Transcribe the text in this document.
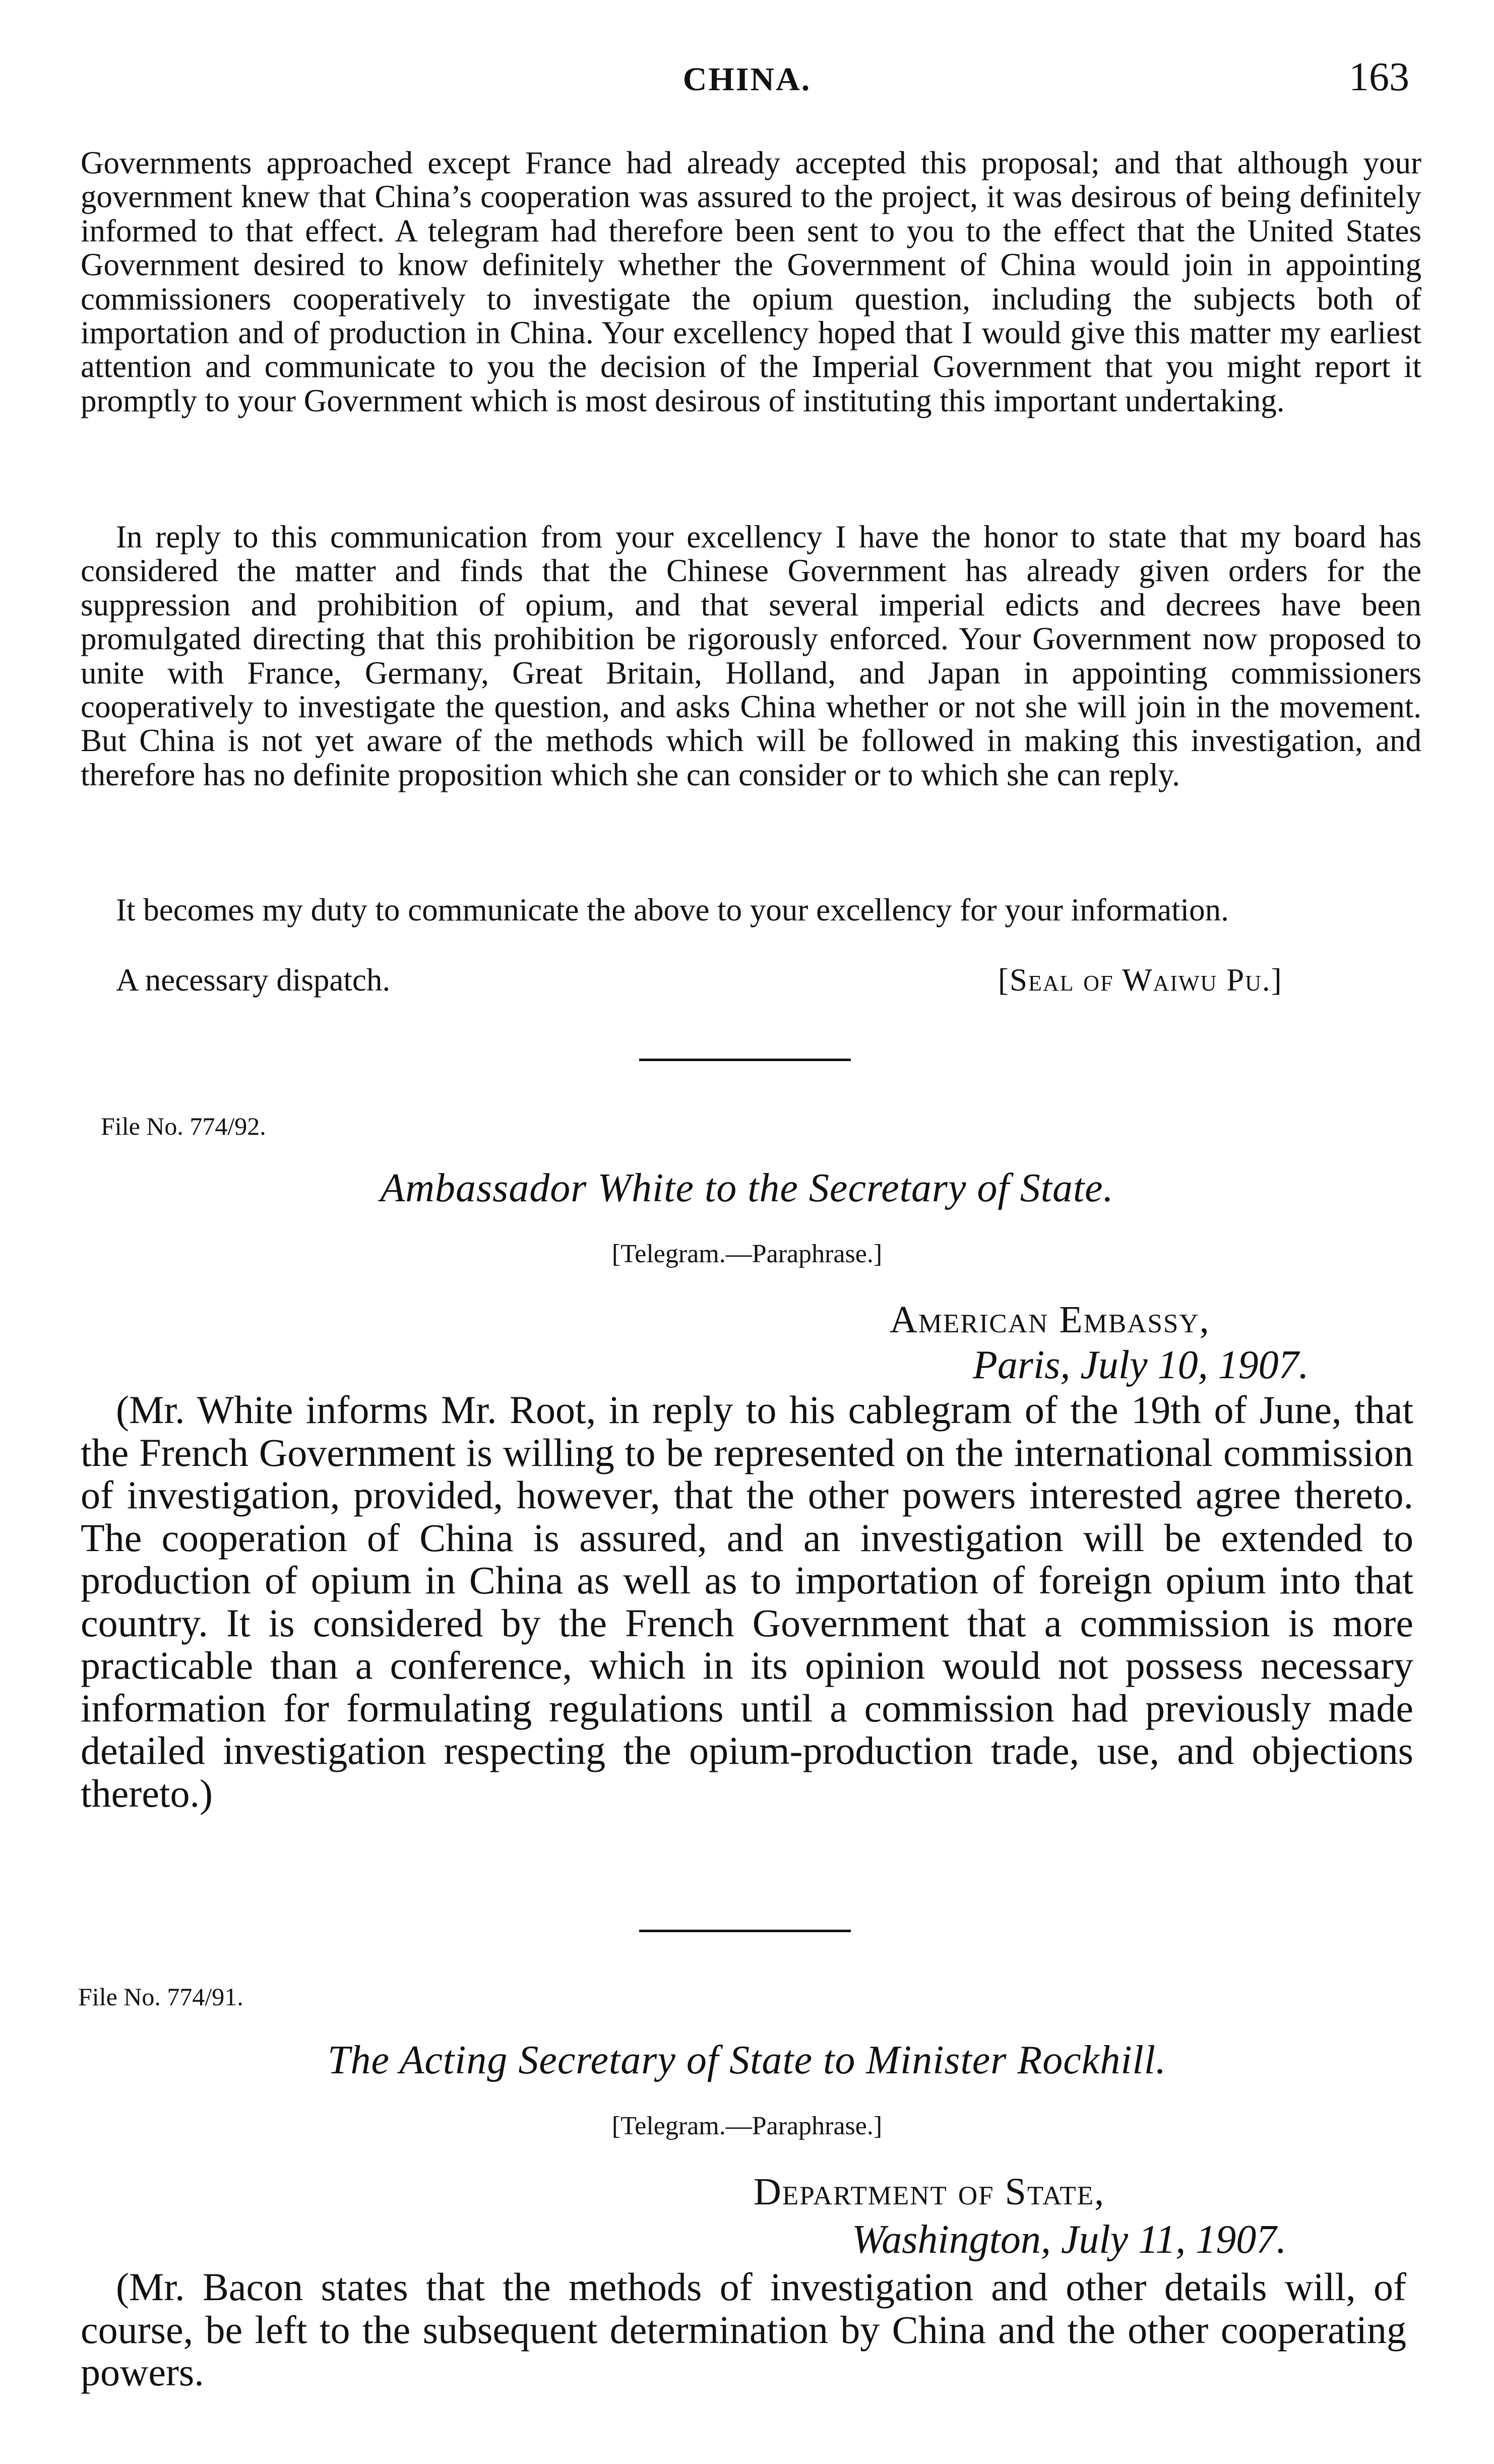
CHINA.	163

Governments approached except France had already accepted this proposal; and that although your government knew that China’s cooperation was assured to the project, it was desirous of being definitely informed to that effect. A telegram had therefore been sent to you to the effect that the United States Government desired to know definitely whether the Government of China would join in appointing commissioners cooperatively to investigate the opium question, including the subjects both of importation and of production in China. Your excellency hoped that I would give this matter my earliest attention and communicate to you the decision of the Imperial Government that you might report it promptly to your Government which is most desirous of instituting this important undertaking.

In reply to this communication from your excellency I have the honor to state that my board has considered the matter and finds that the Chinese Government has already given orders for the suppression and prohibition of opium, and that several imperial edicts and decrees have been promulgated directing that this prohibition be rigorously enforced. Your Government now proposed to unite with France, Germany, Great Britain, Holland, and Japan in appointing commissioners cooperatively to investigate the question, and asks China whether or not she will join in the movement. But China is not yet aware of the methods which will be followed in making this investigation, and therefore has no definite proposition which she can consider or to which she can reply.

It becomes my duty to communicate the above to your excellency for your information.

A necessary dispatch.	[Seal of Waiwu Pu.]
File No. 774/92.
Ambassador White to the Secretary of State.
[Telegram.—Paraphrase.]
American Embassy,
Paris, July 10, 1907.

(Mr. White informs Mr. Root, in reply to his cablegram of the 19th of June, that the French Government is willing to be represented on the international commission of investigation, provided, however, that the other powers interested agree thereto. The cooperation of China is assured, and an investigation will be extended to production of opium in China as well as to importation of foreign opium into that country. It is considered by the French Government that a commission is more practicable than a conference, which in its opinion would not possess necessary information for formulating regulations until a commission had previously made detailed investigation respecting the opium-production trade, use, and objections thereto.)

File No. 774/91.
The Acting Secretary of State to Minister Rockhill.
[Telegram.—Paraphrase.]
Department of State,
Washington, July 11, 1907.

(Mr. Bacon states that the methods of investigation and other details will, of course, be left to the subsequent determination by China and the other cooperating powers.
